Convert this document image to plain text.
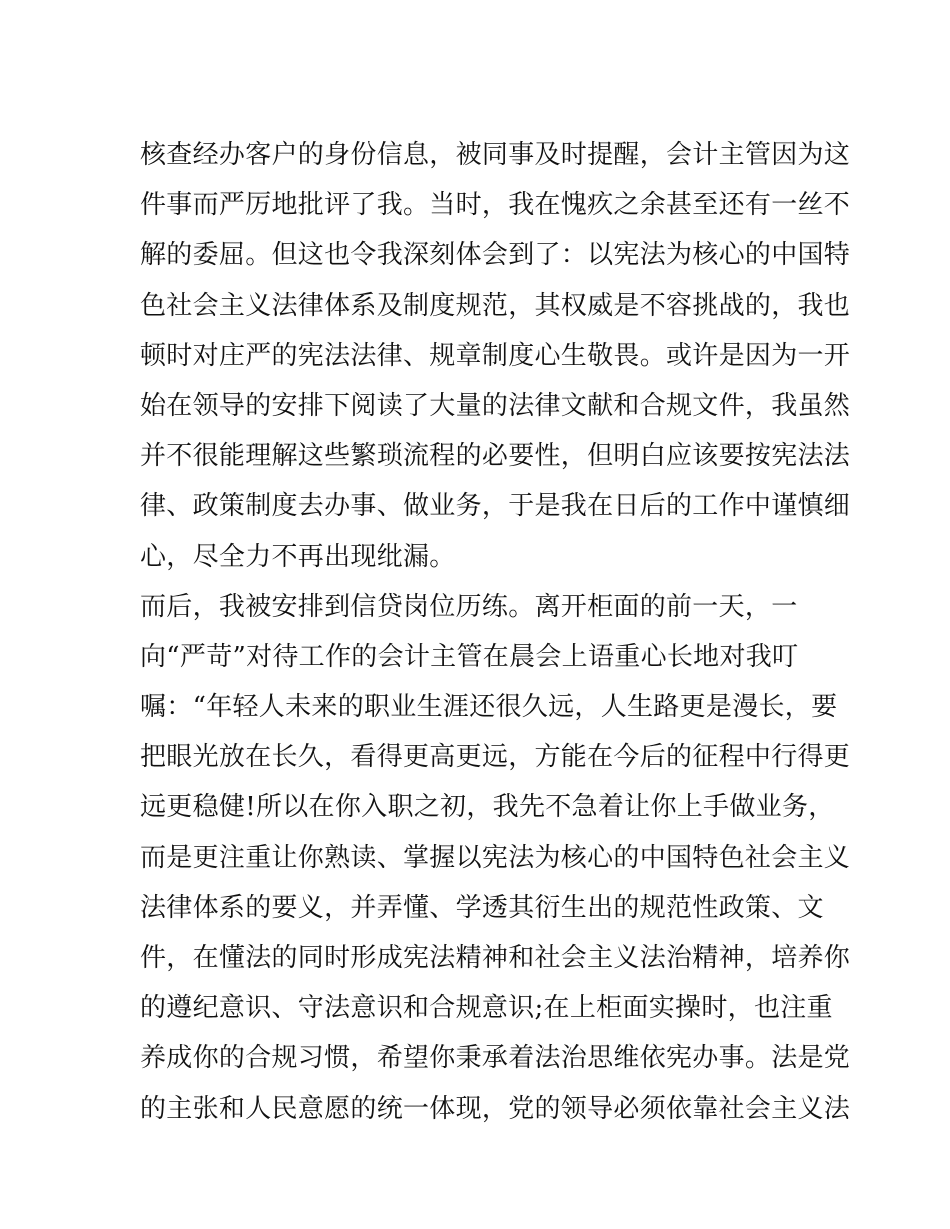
核查经办客户的身份信息，被同事及时提醒，会计主管因为这
件事而严厉地批评了我。当时，我在愧疚之余甚至还有一丝不
解的委屈。但这也令我深刻体会到了：以宪法为核心的中国特
色社会主义法律体系及制度规范，其权威是不容挑战的，我也
顿时对庄严的宪法法律、规章制度心生敬畏。或许是因为一开
始在领导的安排下阅读了大量的法律文献和合规文件，我虽然
并不很能理解这些繁琐流程的必要性，但明白应该要按宪法法
律、政策制度去办事、做业务，于是我在日后的工作中谨慎细
心，尽全力不再出现纰漏。
而后，我被安排到信贷岗位历练。离开柜面的前一天，一
向“严苛”对待工作的会计主管在晨会上语重心长地对我叮
嘱：“年轻人未来的职业生涯还很久远，人生路更是漫长，要
把眼光放在长久，看得更高更远，方能在今后的征程中行得更
远更稳健!所以在你入职之初，我先不急着让你上手做业务，
而是更注重让你熟读、掌握以宪法为核心的中国特色社会主义
法律体系的要义，并弄懂、学透其衍生出的规范性政策、文
件，在懂法的同时形成宪法精神和社会主义法治精神，培养你
的遵纪意识、守法意识和合规意识;在上柜面实操时，也注重
养成你的合规习惯，希望你秉承着法治思维依宪办事。法是党
的主张和人民意愿的统一体现，党的领导必须依靠社会主义法
